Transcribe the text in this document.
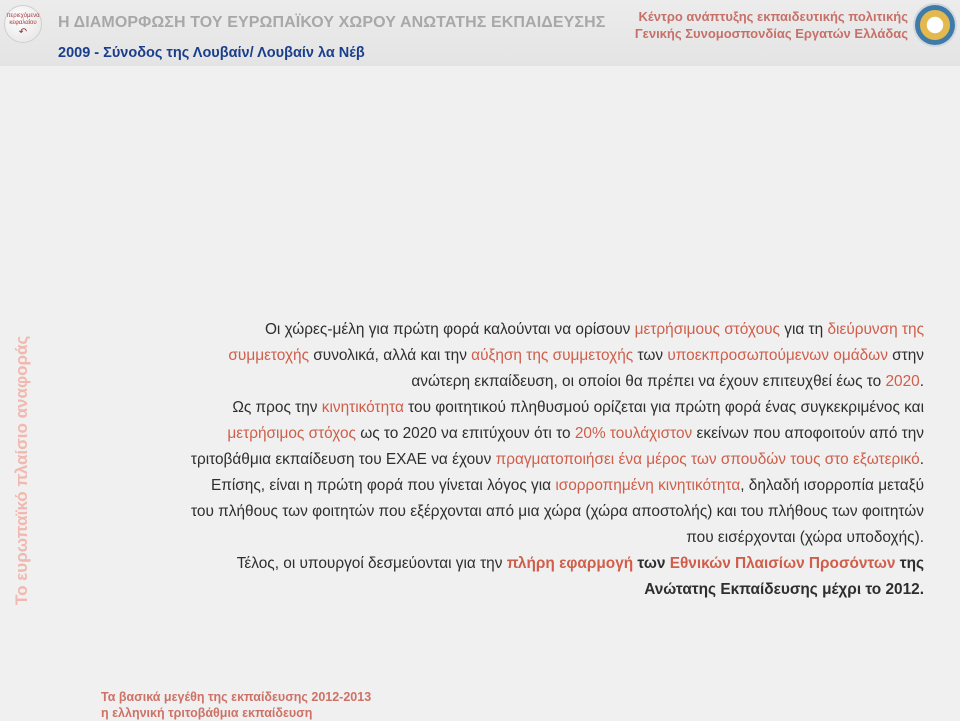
περιεχόμενα
κεφαλαίου
↶
Η ΔΙΑΜΟΡΦΩΣΗ ΤΟΥ ΕΥΡΩΠΑΪΚΟΥ ΧΩΡΟΥ ΑΝΩΤΑΤΗΣ ΕΚΠΑΙΔΕΥΣΗΣ
2009 - Σύνοδος της Λουβαίν/ Λουβαίν λα Νέβ
Κέντρο ανάπτυξης εκπαιδευτικής πολιτικής
Γενικής Συνομοσπονδίας Εργατών Ελλάδας
Το ευρωπαϊκό πλαίσιο αναφοράς

Οι χώρες-μέλη για πρώτη φορά καλούνται να ορίσουν μετρήσιμους στόχους για τη διεύρυνση της συμμετοχής συνολικά, αλλά και την αύξηση της συμμετοχής των υποεκπροσωπούμενων ομάδων στην ανώτερη εκπαίδευση, οι οποίοι θα πρέπει να έχουν επιτευχθεί έως το 2020.

Ως προς την κινητικότητα του φοιτητικού πληθυσμού ορίζεται για πρώτη φορά ένας συγκεκριμένος και μετρήσιμος στόχος ως το 2020 να επιτύχουν ότι το 20% τουλάχιστον εκείνων που αποφοιτούν από την τριτοβάθμια εκπαίδευση του ΕΧΑΕ να έχουν πραγματοποιήσει ένα μέρος των σπουδών τους στο εξωτερικό.

Επίσης, είναι η πρώτη φορά που γίνεται λόγος για ισορροπημένη κινητικότητα, δηλαδή ισορροπία μεταξύ του πλήθους των φοιτητών που εξέρχονται από μια χώρα (χώρα αποστολής) και του πλήθους των φοιτητών που εισέρχονται (χώρα υποδοχής).

Τέλος, οι υπουργοί δεσμεύονται για την πλήρη εφαρμογή των Εθνικών Πλαισίων Προσόντων της Ανώτατης Εκπαίδευσης μέχρι το 2012.

Τα βασικά μεγέθη της εκπαίδευσης 2012-2013
η ελληνική τριτοβάθμια εκπαίδευση
